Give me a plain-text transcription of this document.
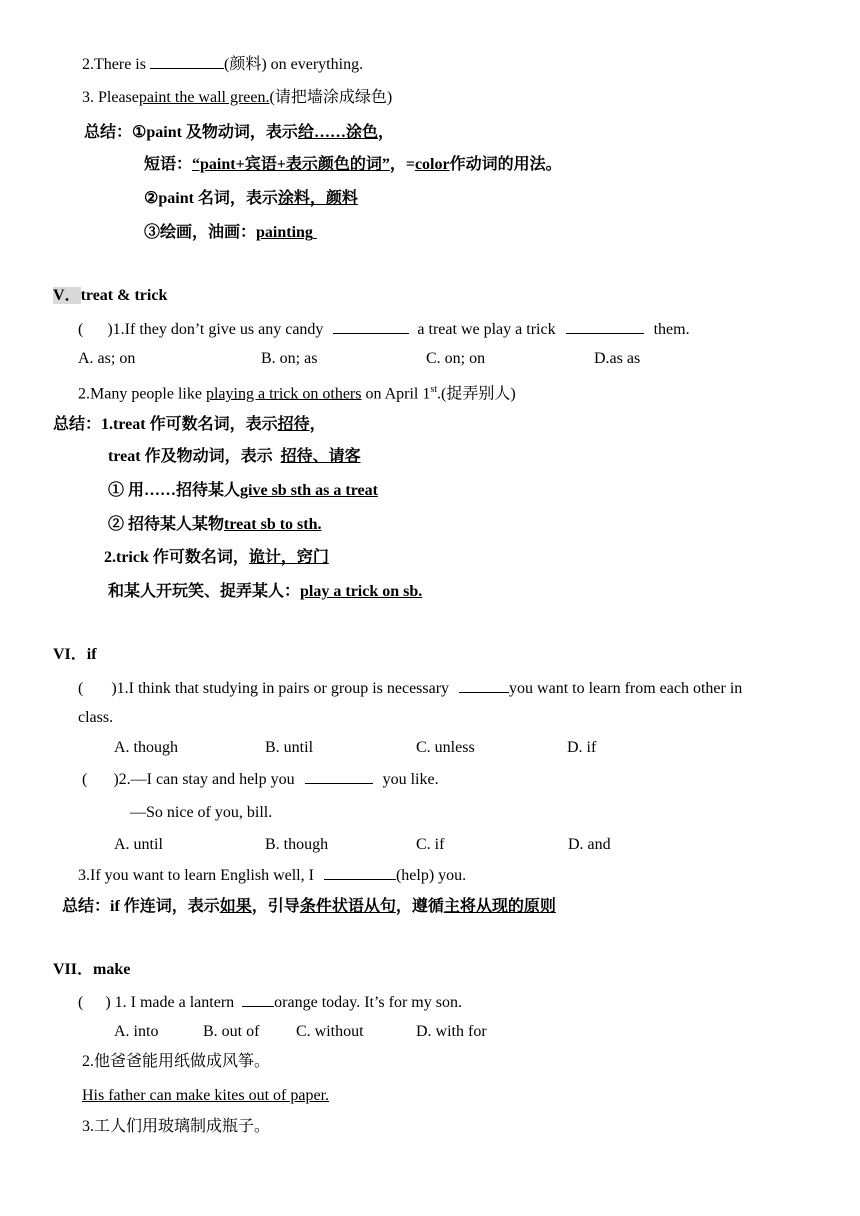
2.There is	(颜料) on everything.
3. Pleasepaint the wall green.(请把墙涂成绿色)
总结：①paint 及物动词，表示给……涂色，
短语：“paint+宾语+表示颜色的词”，=color作动词的用法。
②paint 名词，表示涂料，颜料
③绘画，油画：painting
V．treat & trick
( )1.If they don’t give us any candy	a treat we play a trick	them.
A. as; on	B. on; as	C. on; on	D.as as
2.Many people like playing a trick on others on April 1st.(捉弄别人)
总结：1.treat 作可数名词，表示招待，
treat 作及物动词，表示 招待、请客
① 用……招待某人give sb sth as a treat
② 招待某人某物treat sb to sth.
2.trick 作可数名词，诡计，窍门
和某人开玩笑、捉弄某人：play a trick on sb.
VI．if
( )1.I think that studying in pairs or group is necessary	you want to learn from each other in
class.
A. though	B. until	C. unless	D. if
( )2.—I can stay and help you	you like.
—So nice of you, bill.
A. until	B. though	C. if	D. and
3.If you want to learn English well, I	(help) you.
总结：if 作连词，表示如果，引导条件状语从句，遵循主将从现的原则
VII．make
( ) 1. I made a lantern	orange today. It’s for my son.
A. into	B. out of C. without	D. with for
2.他爸爸能用纸做成风筝。
His father can make kites out of paper.
3.工人们用玻璃制成瓶子。
